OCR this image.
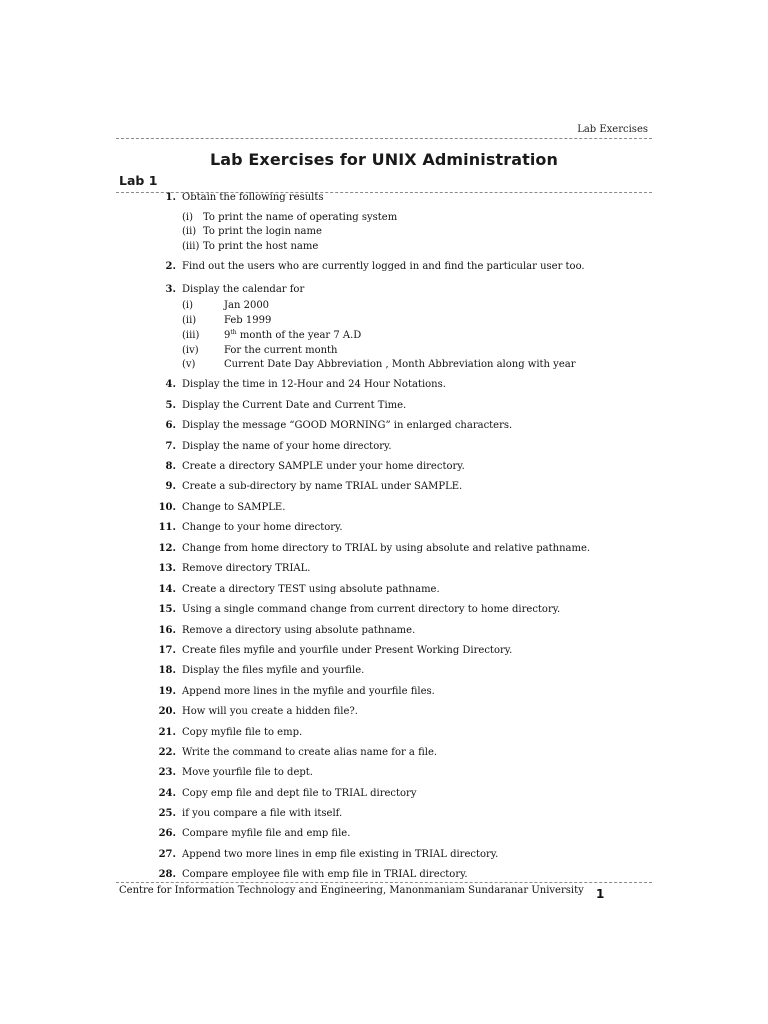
Lab Exercises
Lab Exercises for UNIX Administration
Lab 1
1. Obtain the following results
(i) To print the name of operating system
(ii) To print the login name
(iii) To print the host name
2. Find out the users who are currently logged in and find the particular user too.
3. Display the calendar for
(i)	Jan 2000
(ii)	Feb 1999
(iii) 9th month of the year 7 A.D
(iv)	For the current month
(v)	Current Date Day Abbreviation , Month Abbreviation along with year
4. Display the time in 12-Hour and 24 Hour Notations.
5. Display the Current Date and Current Time.
6. Display the message “GOOD MORNING” in enlarged characters.
7. Display the name of your home directory.
8. Create a directory SAMPLE under your home directory.
9. Create a sub-directory by name TRIAL under SAMPLE.
10. Change to SAMPLE.
11. Change to your home directory.
12. Change from home directory to TRIAL by using absolute and relative pathname.
13. Remove directory TRIAL.
14. Create a directory TEST using absolute pathname.
15. Using a single command change from current directory to home directory.
16. Remove a directory using absolute pathname.
17. Create files myfile and yourfile under Present Working Directory.
18. Display the files myfile and yourfile.
19. Append more lines in the myfile and yourfile files.
20. How will you create a hidden file?.
21. Copy myfile file to emp.
22. Write the command to create alias name for a file.
23. Move yourfile file to dept.
24. Copy emp file and dept file to TRIAL directory
25. if you compare a file with itself.
26. Compare myfile file and emp file.
27. Append two more lines in emp file existing in TRIAL directory.
28. Compare employee file with emp file in TRIAL directory.
Centre for Information Technology and Engineering, Manonmaniam Sundaranar University 1
